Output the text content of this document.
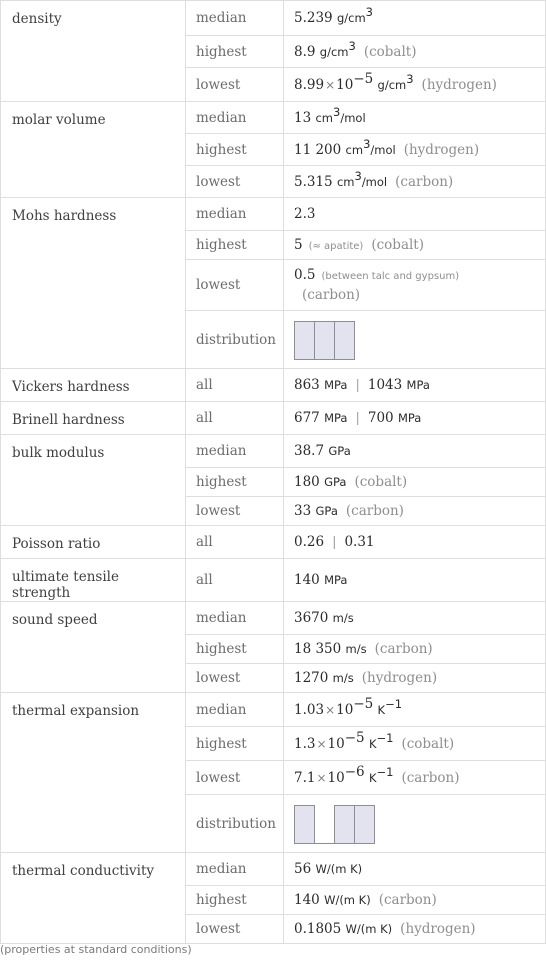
density	median	5.239 $g/cm^3$
	highest	8.9 $g/cm^3$ (cobalt)
	lowest	$8.99\times 10^{-5}$ $g/cm^3$ (hydrogen)
molar volume	median	13 $cm^3$/mol
	highest	11 200 $cm^3$/mol (hydrogen)
	lowest	5.315 $cm^3$/mol (carbon)
Mohs hardness	median	2.3
	highest	5 (≈ apatite) (cobalt)
	lowest	0.5 (between talc and gypsum)
(carbon)
	distribution	

Vickers hardness	all	863 MPa | 1043 MPa
Brinell hardness	all	677 MPa | 700 MPa
bulk modulus	median	38.7 GPa
	highest	180 GPa (cobalt)
	lowest	33 GPa (carbon)
Poisson ratio	all	0.26 | 0.31
ultimate tensile strength	all	140 MPa
sound speed	median	3670 m/s
	highest	18 350 m/s (carbon)
	lowest	1270 m/s (hydrogen)
thermal expansion	median	$1.03\times 10^{-5}$ $K^{-1}$
	highest	$1.3\times 10^{-5}$ $K^{-1}$ (cobalt)
	lowest	$7.1\times 10^{-6}$ $K^{-1}$ (carbon)
	distribution	

thermal conductivity	median	56 W/(m K)
	highest	140 W/(m K) (carbon)
	lowest	0.1805 W/(m K) (hydrogen)
(properties at standard conditions)
